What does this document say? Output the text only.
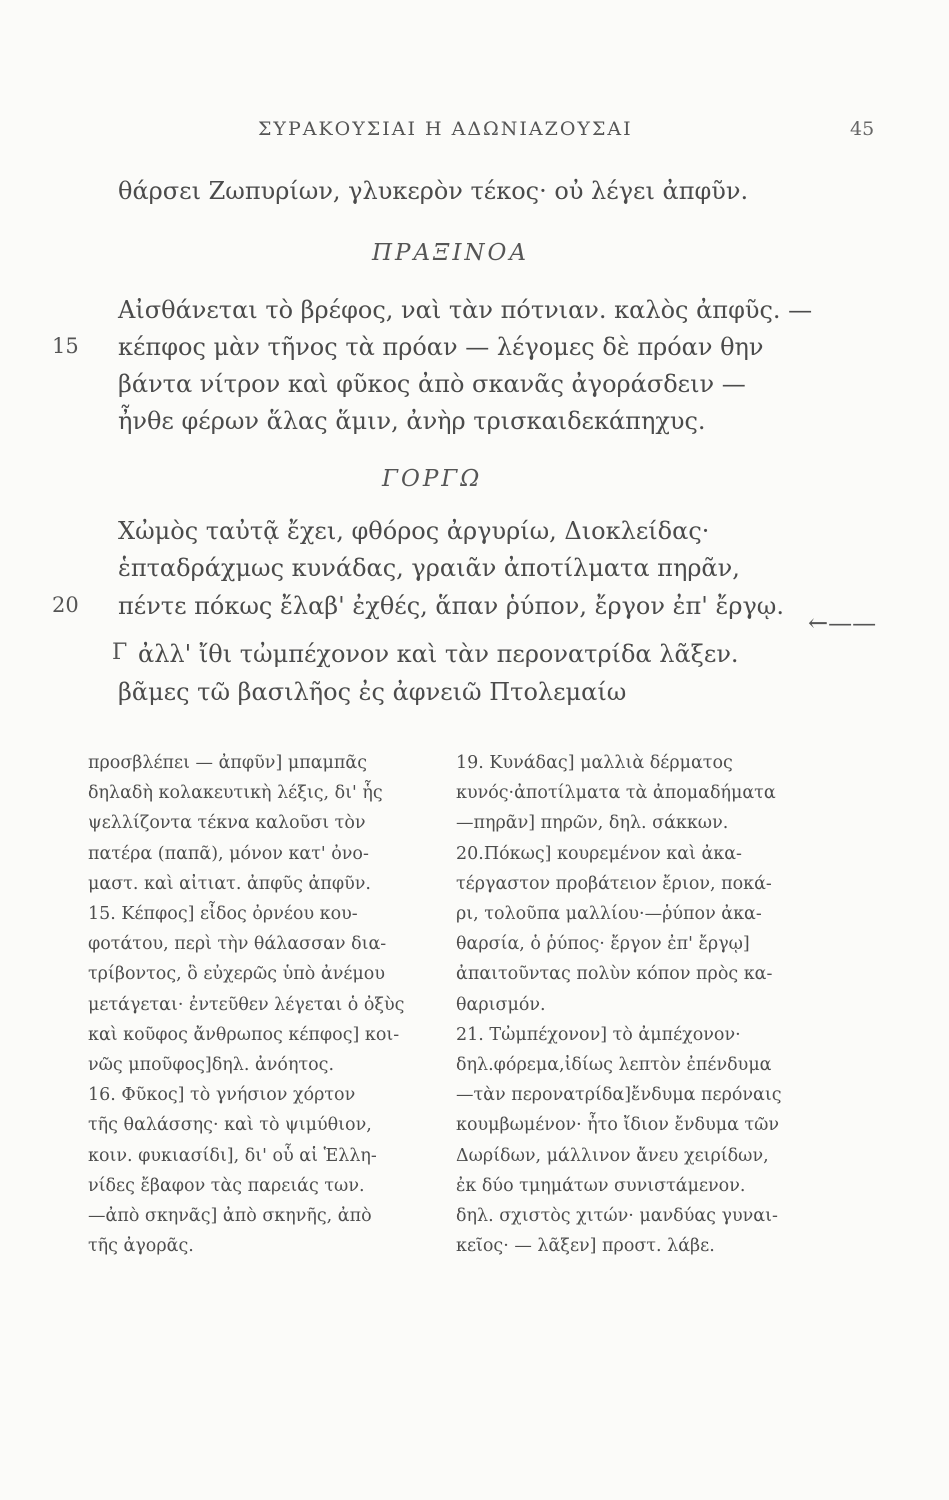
ΣΥΡΑΚΟΥΣΙΑΙ Η ΑΔΩΝΙΑΖΟΥΣΑΙ	45
θάρσει Ζωπυρίων, γλυκερὸν τέκος· οὐ λέγει ἀπφῦν.
ΠΡΑΞΙΝΟΑ
Αἰσθάνεται τὸ βρέφος, ναὶ τὰν πότνιαν. καλὸς ἀπφῦς. —
15 κέπφος μὰν τῆνος τὰ πρόαν — λέγομες δὲ πρόαν θην
βάντα νίτρον καὶ φῦκος ἀπὸ σκανᾶς ἀγοράσδειν —
ἦνθε φέρων ἅλας ἅμιν, ἀνὴρ τρισκαιδεκάπηχυς.
ΓΟΡΓΩ
Χὠμὸς ταὐτᾷ ἔχει, φθόρος ἀργυρίω, Διοκλείδας·
ἑπταδράχμως κυνάδας, γραιᾶν ἀποτίλματα πηρᾶν,
20 πέντε πόκως ἔλαβ' ἐχθές, ἅπαν ῥύπον, ἔργον ἐπ' ἔργῳ.
←——
Γ ἀλλ' ἴθι τὠμπέχονον καὶ τὰν περονατρίδα λᾶξεν.
βᾶμες τῶ βασιλῆος ἐς ἀφνειῶ Πτολεμαίω
προσβλέπει — ἀπφῦν] μπαμπᾶς
δηλαδὴ κολακευτικὴ λέξις, δι' ἧς
ψελλίζοντα τέκνα καλοῦσι τὸν
πατέρα (παπᾶ), μόνον κατ' ὀνο-
μαστ. καὶ αἰτιατ. ἀπφῦς ἀπφῦν.
15. Κέπφος] εἶδος ὀρνέου κου-
φοτάτου, περὶ τὴν θάλασσαν δια-
τρίβοντος, ὃ εὐχερῶς ὑπὸ ἀνέμου
μετάγεται· ἐντεῦθεν λέγεται ὁ ὀξὺς
καὶ κοῦφος ἄνθρωπος κέπφος] κοι-
νῶς μποῦφος]δηλ. ἀνόητος.
16. Φῦκος] τὸ γνήσιον χόρτον
τῆς θαλάσσης· καὶ τὸ ψιμύθιον,
κοιν. φυκιασίδι], δι' οὗ αἱ Ἑλλη-
νίδες ἔβαφον τὰς παρειάς των.
—ἀπὸ σκηνᾶς] ἀπὸ σκηνῆς, ἀπὸ
τῆς ἀγορᾶς.
19. Κυνάδας] μαλλιὰ δέρματος
κυνός·ἀποτίλματα τὰ ἀπομαδήματα
—πηρᾶν] πηρῶν, δηλ. σάκκων.
20.Πόκως] κουρεμένον καὶ ἀκα-
τέργαστον προβάτειον ἔριον, ποκά-
ρι, τολοῦπα μαλλίου·—ῥύπον ἀκα-
θαρσία, ὁ ῥύπος· ἔργον ἐπ' ἔργῳ]
ἀπαιτοῦντας πολὺν κόπον πρὸς κα-
θαρισμόν.
21. Τὠμπέχονον] τὸ ἀμπέχονον·
δηλ.φόρεμα,ἰδίως λεπτὸν ἐπένδυμα
—τὰν περονατρίδα]ἔνδυμα περόναις
κουμβωμένον· ἦτο ἴδιον ἔνδυμα τῶν
Δωρίδων, μάλλινον ἄνευ χειρίδων,
ἐκ δύο τμημάτων συνιστάμενον.
δηλ. σχιστὸς χιτών· μανδύας γυναι-
κεῖος· — λᾶξεν] προστ. λάβε.
